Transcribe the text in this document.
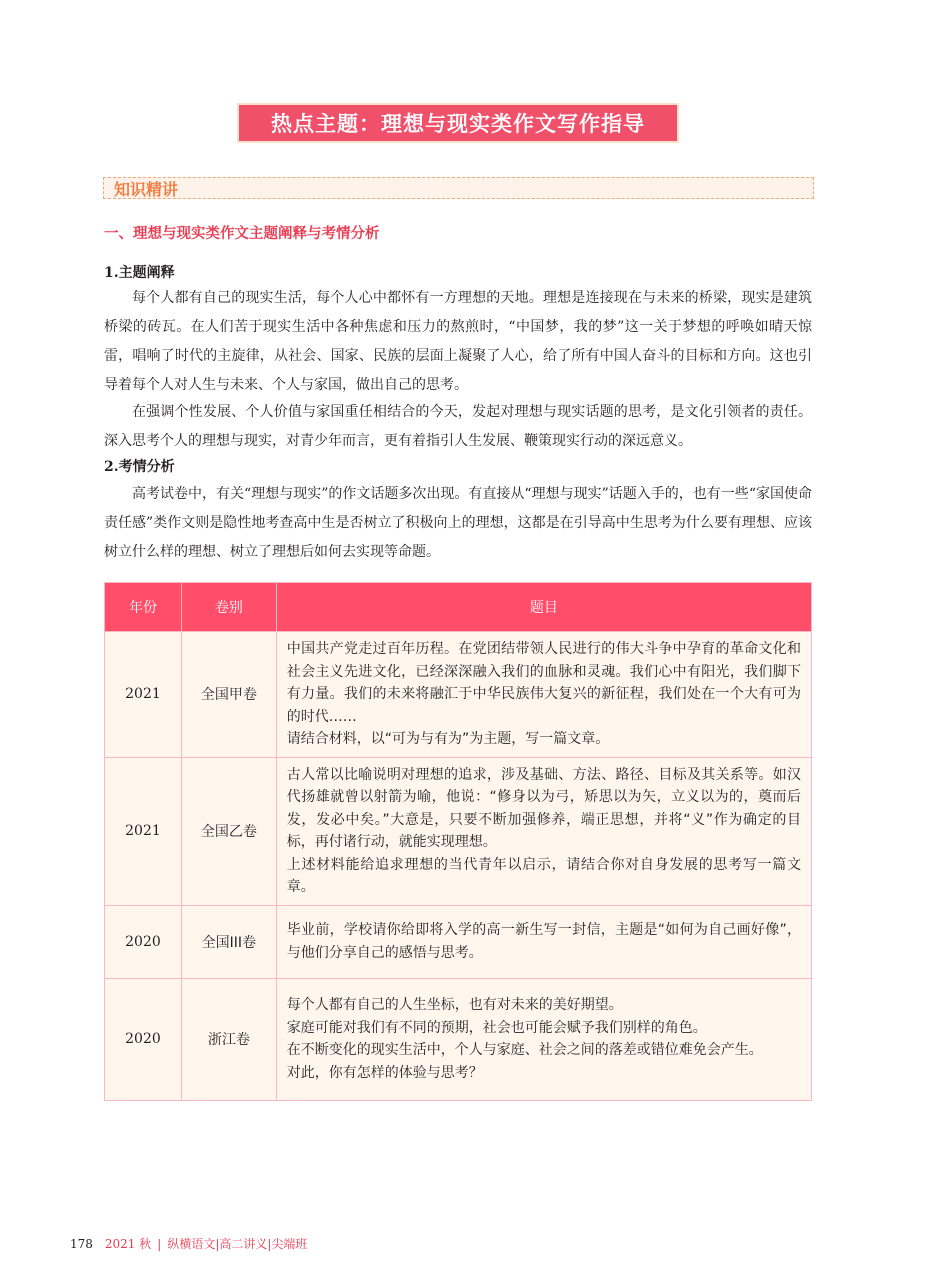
热点主题：理想与现实类作文写作指导
知识精讲
一、理想与现实类作文主题阐释与考情分析
1.主题阐释

每个人都有自己的现实生活，每个人心中都怀有一方理想的天地。理想是连接现在与未来的桥梁，现实是建筑桥梁的砖瓦。在人们苦于现实生活中各种焦虑和压力的熬煎时，“中国梦，我的梦”这一关于梦想的呼唤如晴天惊雷，唱响了时代的主旋律，从社会、国家、民族的层面上凝聚了人心，给了所有中国人奋斗的目标和方向。这也引导着每个人对人生与未来、个人与家国，做出自己的思考。

在强调个性发展、个人价值与家国重任相结合的今天，发起对理想与现实话题的思考，是文化引领者的责任。深入思考个人的理想与现实，对青少年而言，更有着指引人生发展、鞭策现实行动的深远意义。

2.考情分析

高考试卷中，有关“理想与现实”的作文话题多次出现。有直接从“理想与现实”话题入手的，也有一些“家国使命责任感”类作文则是隐性地考查高中生是否树立了积极向上的理想，这都是在引导高中生思考为什么要有理想、应该树立什么样的理想、树立了理想后如何去实现等命题。

年份	卷别	题目
2021	全国甲卷	中国共产党走过百年历程。在党团结带领人民进行的伟大斗争中孕育的革命文化和社会主义先进文化，已经深深融入我们的血脉和灵魂。我们心中有阳光，我们脚下有力量。我们的未来将融汇于中华民族伟大复兴的新征程，我们处在一个大有可为的时代……
请结合材料，以“可为与有为”为主题，写一篇文章。

2021	全国乙卷	古人常以比喻说明对理想的追求，涉及基础、方法、路径、目标及其关系等。如汉代扬雄就曾以射箭为喻，他说：“修身以为弓，矫思以为矢，立义以为的，奠而后发，发必中矣。”大意是，只要不断加强修养，端正思想，并将“义”作为确定的目标，再付诸行动，就能实现理想。
上述材料能给追求理想的当代青年以启示，请结合你对自身发展的思考写一篇文章。

2020	全国III卷	毕业前，学校请你给即将入学的高一新生写一封信，主题是“如何为自己画好像”，与他们分享自己的感悟与思考。

2020	浙江卷	每个人都有自己的人生坐标，也有对未来的美好期望。
家庭可能对我们有不同的预期，社会也可能会赋予我们别样的角色。
在不断变化的现实生活中，个人与家庭、社会之间的落差或错位难免会产生。
对此，你有怎样的体验与思考？
178 2021 秋 | 纵横语文|高二讲义|尖端班
